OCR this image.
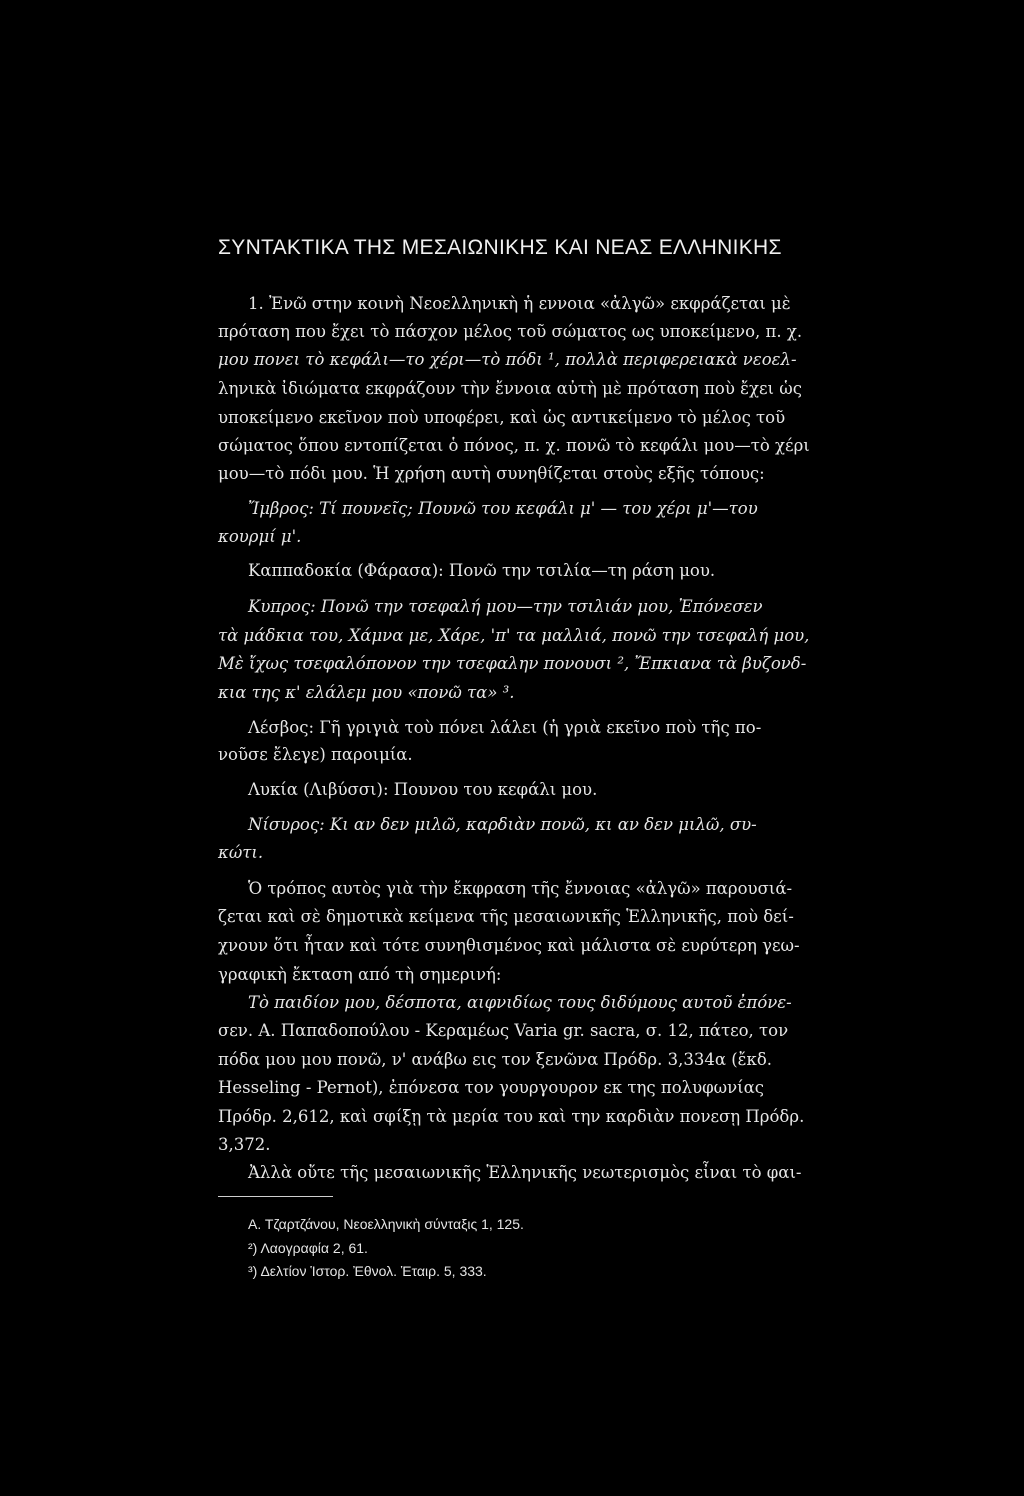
ΣΥΝΤΑΚΤΙΚΑ ΤΗΣ ΜΕΣΑΙΩΝΙΚΗΣ ΚΑΙ ΝΕΑΣ ΕΛΛΗΝΙΚΗΣ
1. Ἐνῶ στην κοινὴ Νεοελληνικὴ ἡ εννοια «ἀλγῶ» εκφράζεται μὲ
πρόταση που ἔχει τὸ πάσχον μέλος τοῦ σώματος ως υποκείμενο, π. χ.
μου πονει τὸ κεφάλι—το χέρι—τὸ πόδι ¹, πολλὰ περιφερειακὰ νεοελ-
ληνικὰ ἰδιώματα εκφράζουν τὴν ἔννοια αὐτὴ μὲ πρόταση ποὺ ἔχει ὡς
υποκείμενο εκεῖνον ποὺ υποφέρει, καὶ ὡς αντικείμενο τὸ μέλος τοῦ
σώματος ὅπου εντοπίζεται ὁ πόνος, π. χ. πονῶ τὸ κεφάλι μου—τὸ χέρι
μου—τὸ πόδι μου. Ἡ χρήση αυτὴ συνηθίζεται στοὺς εξῆς τόπους:
Ἴμβρος: Τί πουνεῖς; Πουνῶ του κεφάλι μ' — του χέρι μ'—του
κουρμί μ'.
Καππαδοκία (Φάρασα): Πονῶ την τσιλία—τη ράση μου.
Κυπρος: Πονῶ την τσεφαλή μου—την τσιλιάν μου, Ἐπόνεσεν
τὰ μάδκια του, Χάμνα με, Χάρε, 'π' τα μαλλιά, πονῶ την τσεφαλή μου,
Μὲ ἴχως τσεφαλόπονον την τσεφαλην πονουσι ², Ἔπκιανα τὰ βυζονδ-
κια της κ' ελάλεμ μου «πονῶ τα» ³.
Λέσβος: Γῆ γριγιὰ τοὺ πόνει λάλει (ἡ γριὰ εκεῖνο ποὺ τῆς πο-
νοῦσε ἔλεγε) παροιμία.
Λυκία (Λιβύσσι): Πουνου του κεφάλι μου.
Νίσυρος: Κι αν δεν μιλῶ, καρδιὰν πονῶ, κι αν δεν μιλῶ, συ-
κώτι.
Ὁ τρόπος αυτὸς γιὰ τὴν ἔκφραση τῆς ἔννοιας «ἀλγῶ» παρουσιά-
ζεται καὶ σὲ δημοτικὰ κείμενα τῆς μεσαιωνικῆς Ἑλληνικῆς, ποὺ δεί-
χνουν ὅτι ἦταν καὶ τότε συνηθισμένος καὶ μάλιστα σὲ ευρύτερη γεω-
γραφικὴ ἔκταση από τὴ σημερινή:
Τὸ παιδίον μου, δέσποτα, αιφνιδίως τους διδύμους αυτοῦ ἐπόνε-
σεν. Α. Παπαδοπούλου - Κεραμέως Varia gr. sacra, σ. 12, πάτεο, τον
πόδα μου μου πονῶ, ν' ανάβω εις τον ξενῶνα Πρόδρ. 3,334α (ἔκδ.
Hesseling - Pernot), ἐπόνεσα τον γουργουρον εκ της πολυφωνίας
Πρόδρ. 2,612, καὶ σφίξῃ τὰ μερία του καὶ την καρδιὰν πονεσῃ Πρόδρ.
3,372.
Ἀλλὰ οὔτε τῆς μεσαιωνικῆς Ἑλληνικῆς νεωτερισμὸς εἶναι τὸ φαι-
Α. Τζαρτζάνου, Νεοελληνικὴ σύνταξις 1, 125.
²) Λαογραφία 2, 61.
³) Δελτίον Ἱστορ. Ἐθνολ. Ἑταιρ. 5, 333.
